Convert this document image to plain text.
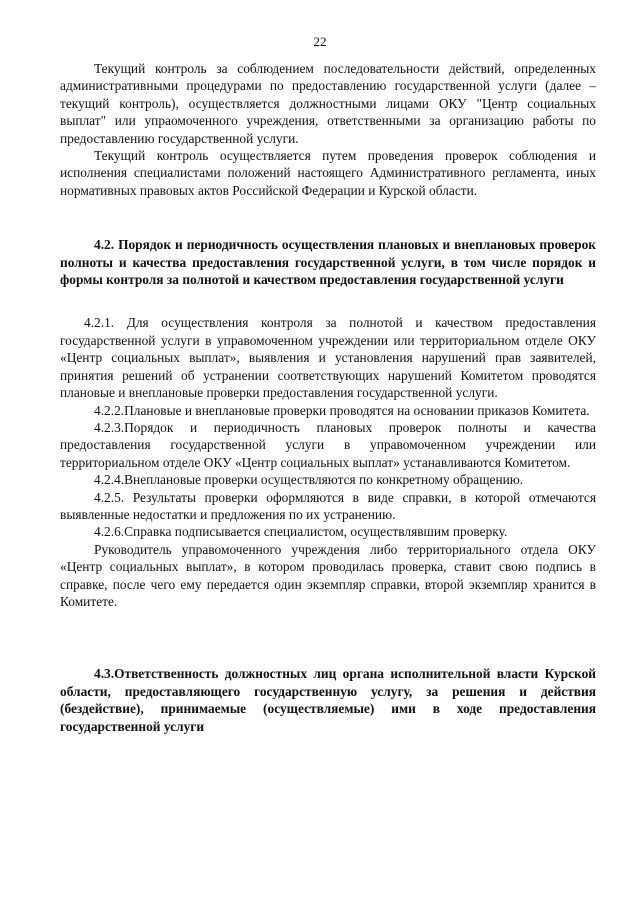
22

Текущий контроль за соблюдением последовательности действий, определенных административными процедурами по предоставлению государственной услуги (далее – текущий контроль), осуществляется должностными лицами ОКУ "Центр социальных выплат" или упраомоченного учреждения, ответственными за организацию работы по предоставлению государственной услуги.

Текущий контроль осуществляется путем проведения проверок соблюдения и исполнения специалистами положений настоящего Административного регламента, иных нормативных правовых актов Российской Федерации и Курской области.

4.2. Порядок и периодичность осуществления плановых и внеплановых проверок полноты и качества предоставления государственной услуги, в том числе порядок и формы контроля за полнотой и качеством предоставления государственной услуги

4.2.1. Для осуществления контроля за полнотой и качеством предоставления государственной услуги в управомоченном учреждении или территориальном отделе ОКУ «Центр социальных выплат», выявления и установления нарушений прав заявителей, принятия решений об устранении соответствующих нарушений Комитетом проводятся плановые и внеплановые проверки предоставления государственной услуги.

4.2.2.Плановые и внеплановые проверки проводятся на основании приказов Комитета.

4.2.3.Порядок и периодичность плановых проверок полноты и качества предоставления государственной услуги в управомоченном учреждении или территориальном отделе ОКУ «Центр социальных выплат» устанавливаются Комитетом.

4.2.4.Внеплановые проверки осуществляются по конкретному обращению.

4.2.5. Результаты проверки оформляются в виде справки, в которой отмечаются выявленные недостатки и предложения по их устранению.

4.2.6.Справка подписывается специалистом, осуществлявшим проверку.

Руководитель управомоченного учреждения либо территориального отдела ОКУ «Центр социальных выплат», в котором проводилась проверка, ставит свою подпись в справке, после чего ему передается один экземпляр справки, второй экземпляр хранится в Комитете.

4.3.Ответственность должностных лиц органа исполнительной власти Курской области, предоставляющего государственную услугу, за решения и действия (бездействие), принимаемые (осуществляемые) ими в ходе предоставления государственной услуги
